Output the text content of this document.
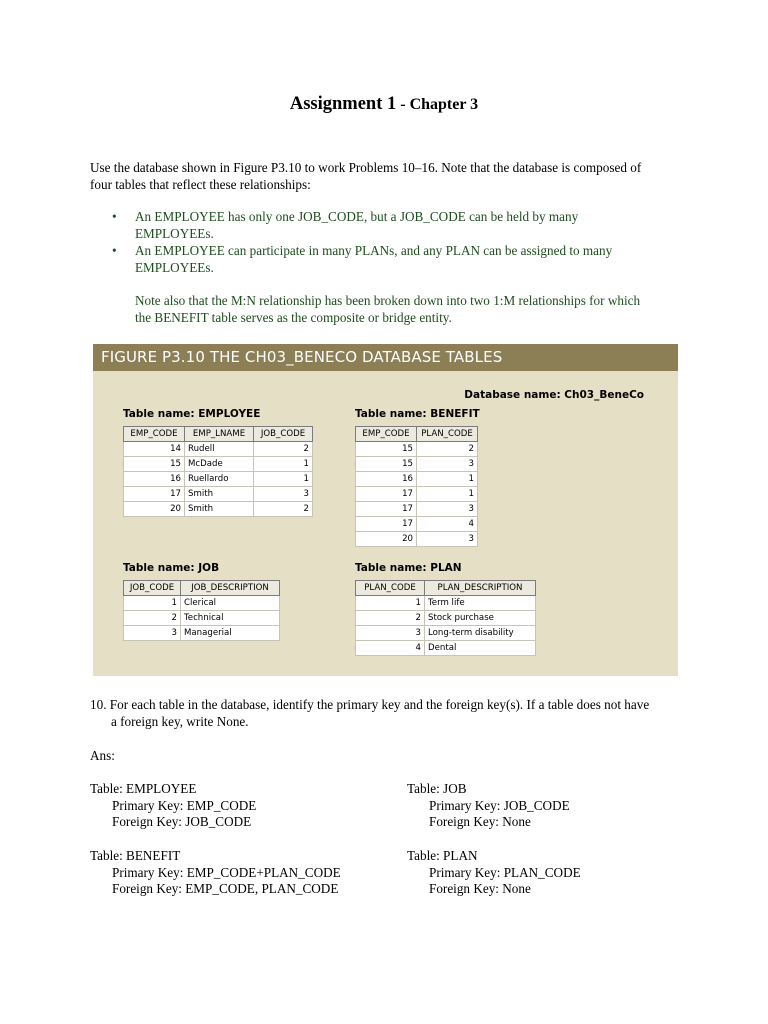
Assignment 1 - Chapter 3
Use the database shown in Figure P3.10 to work Problems 10–16. Note that the database is composed of
four tables that reflect these relationships:
• An EMPLOYEE has only one JOB_CODE, but a JOB_CODE can be held by many
EMPLOYEEs.
• An EMPLOYEE can participate in many PLANs, and any PLAN can be assigned to many
EMPLOYEEs.
Note also that the M:N relationship has been broken down into two 1:M relationships for which
the BENEFIT table serves as the composite or bridge entity.
FIGURE P3.10 THE CH03_BENECO DATABASE TABLES
Database name: Ch03_BeneCo
Table name: EMPLOYEE
EMP_CODE	EMP_LNAME	JOB_CODE
14	Rudell	2
15	McDade	1
16	Ruellardo	1
17	Smith	3
20	Smith	2
Table name: BENEFIT
EMP_CODE	PLAN_CODE
15	2
15	3
16	1
17	1
17	3
17	4
20	3
Table name: JOB
JOB_CODE	JOB_DESCRIPTION
1	Clerical
2	Technical
3	Managerial
Table name: PLAN
PLAN_CODE	PLAN_DESCRIPTION
1	Term life
2	Stock purchase
3	Long-term disability
4	Dental
10. For each table in the database, identify the primary key and the foreign key(s). If a table does not have
a foreign key, write None.
Ans:
Table: EMPLOYEE
Primary Key: EMP_CODE
Foreign Key: JOB_CODE
Table: JOB
Primary Key: JOB_CODE
Foreign Key: None
Table: BENEFIT
Primary Key: EMP_CODE+PLAN_CODE
Foreign Key: EMP_CODE, PLAN_CODE
Table: PLAN
Primary Key: PLAN_CODE
Foreign Key: None
